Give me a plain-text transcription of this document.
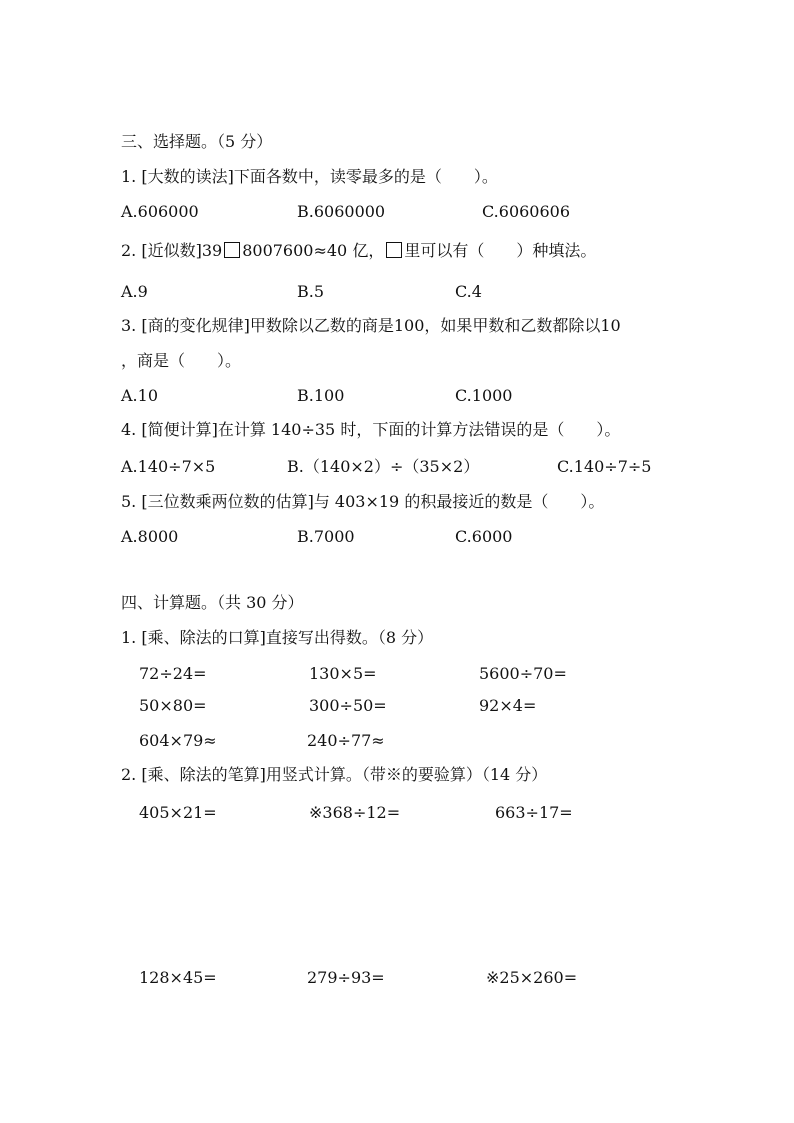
三、选择题。（5 分）
1. [大数的读法]下面各数中，读零最多的是（　　）。
A.606000	B.6060000	C.6060606
2. [近似数]39 8007600≈40 亿， 里可以有（　　）种填法。
A.9	B.5	C.4
3. [商的变化规律]甲数除以乙数的商是100，如果甲数和乙数都除以10
，商是（　　）。
A.10	B.100	C.1000
4. [简便计算]在计算 140÷35 时，下面的计算方法错误的是（　　）。
A.140÷7×5	B.（140×2）÷（35×2）	C.140÷7÷5
5. [三位数乘两位数的估算]与 403×19 的积最接近的数是（　　）。
A.8000	B.7000	C.6000
四、计算题。（共 30 分）
1. [乘、除法的口算]直接写出得数。（8 分）
72÷24=	130×5=	5600÷70=
50×80=	300÷50=	92×4=
604×79≈	240÷77≈
2. [乘、除法的笔算]用竖式计算。（带※的要验算）（14 分）
405×21=	※368÷12=	663÷17=
128×45=	279÷93=	※25×260=
